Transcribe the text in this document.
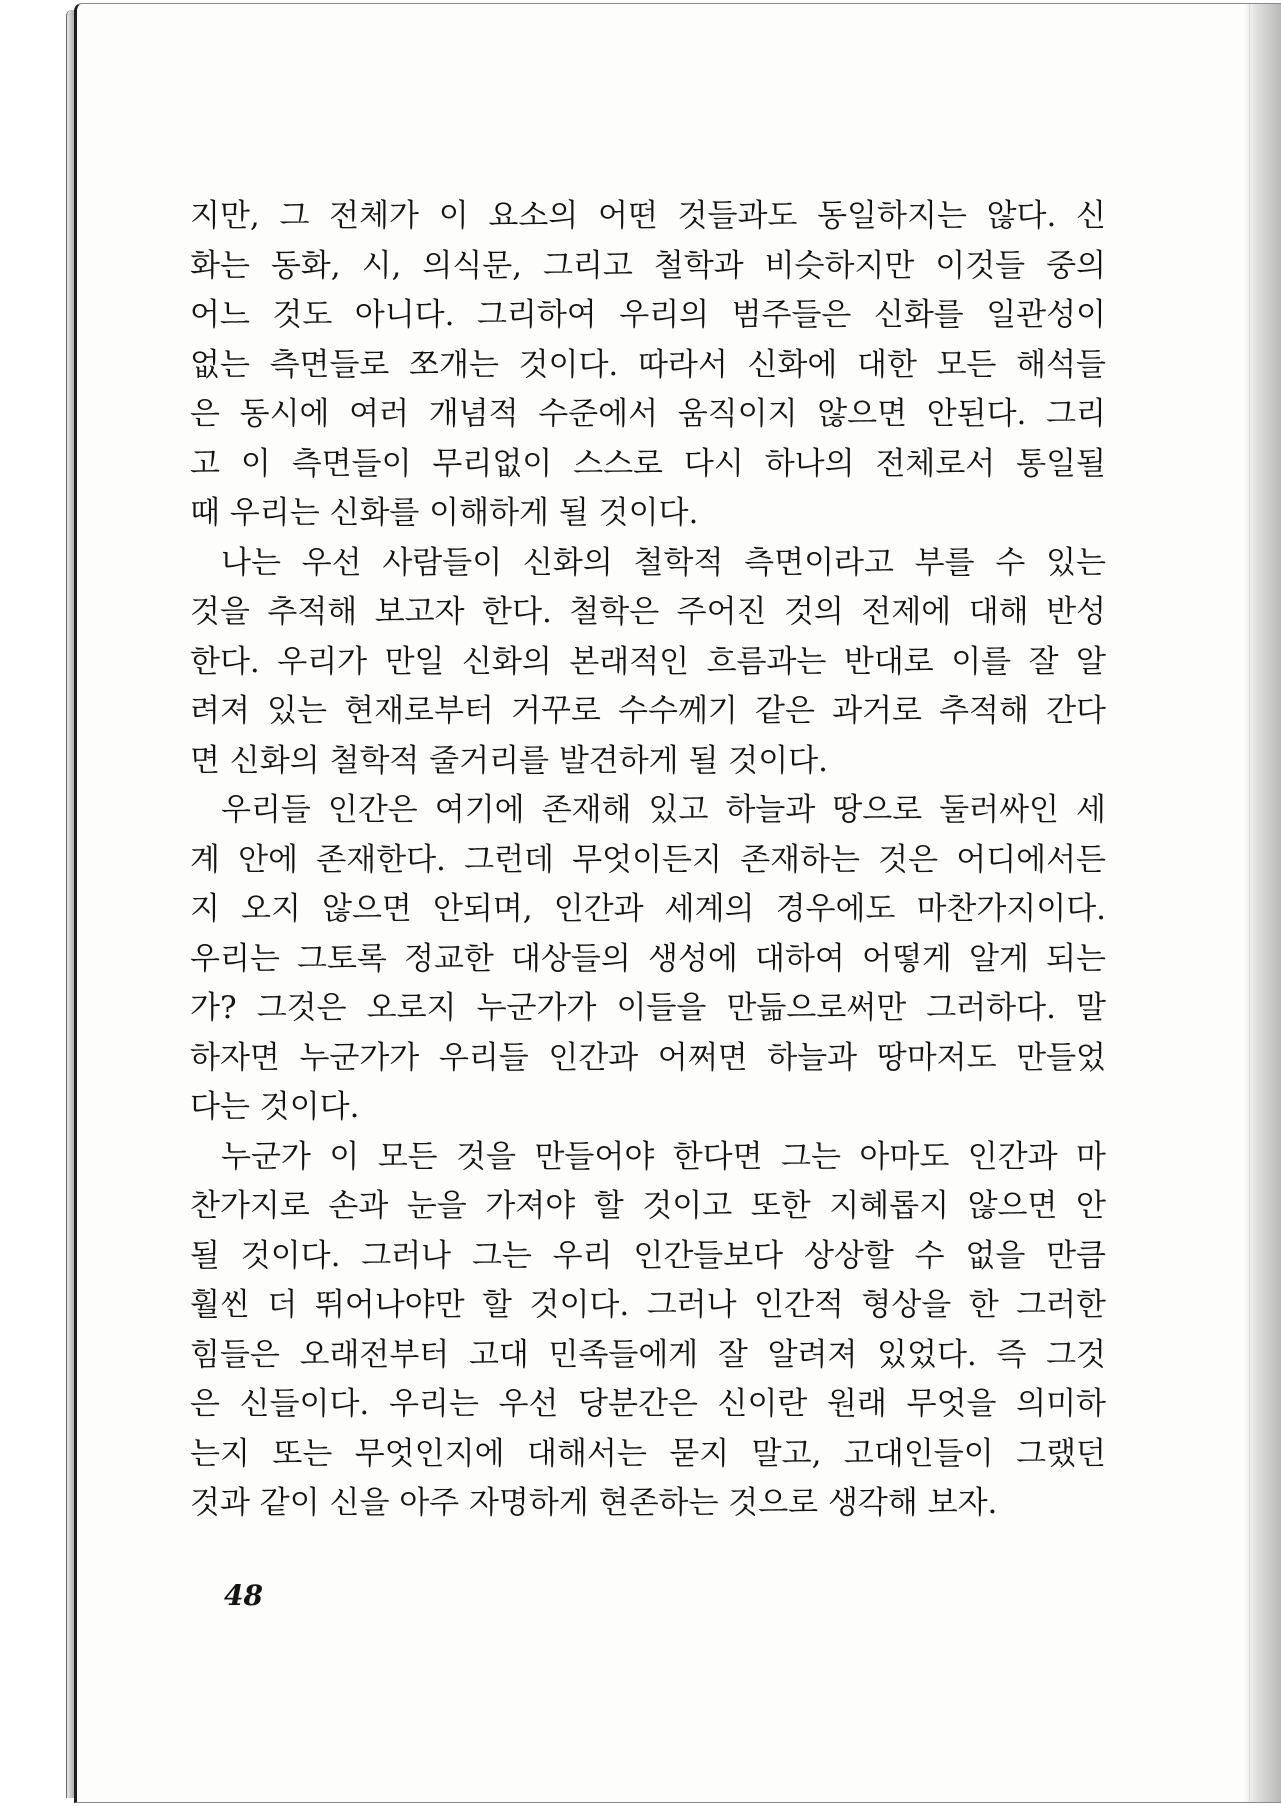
지만, 그 전체가 이 요소의 어떤 것들과도 동일하지는 않다. 신
화는 동화, 시, 의식문, 그리고 철학과 비슷하지만 이것들 중의
어느 것도 아니다. 그리하여 우리의 범주들은 신화를 일관성이
없는 측면들로 쪼개는 것이다. 따라서 신화에 대한 모든 해석들
은 동시에 여러 개념적 수준에서 움직이지 않으면 안된다. 그리
고 이 측면들이 무리없이 스스로 다시 하나의 전체로서 통일될
때 우리는 신화를 이해하게 될 것이다.
나는 우선 사람들이 신화의 철학적 측면이라고 부를 수 있는
것을 추적해 보고자 한다. 철학은 주어진 것의 전제에 대해 반성
한다. 우리가 만일 신화의 본래적인 흐름과는 반대로 이를 잘 알
려져 있는 현재로부터 거꾸로 수수께기 같은 과거로 추적해 간다
면 신화의 철학적 줄거리를 발견하게 될 것이다.
우리들 인간은 여기에 존재해 있고 하늘과 땅으로 둘러싸인 세
계 안에 존재한다. 그런데 무엇이든지 존재하는 것은 어디에서든
지 오지 않으면 안되며, 인간과 세계의 경우에도 마찬가지이다.
우리는 그토록 정교한 대상들의 생성에 대하여 어떻게 알게 되는
가? 그것은 오로지 누군가가 이들을 만듦으로써만 그러하다. 말
하자면 누군가가 우리들 인간과 어쩌면 하늘과 땅마저도 만들었
다는 것이다.
누군가 이 모든 것을 만들어야 한다면 그는 아마도 인간과 마
찬가지로 손과 눈을 가져야 할 것이고 또한 지혜롭지 않으면 안
될 것이다. 그러나 그는 우리 인간들보다 상상할 수 없을 만큼
훨씬 더 뛰어나야만 할 것이다. 그러나 인간적 형상을 한 그러한
힘들은 오래전부터 고대 민족들에게 잘 알려져 있었다. 즉 그것
은 신들이다. 우리는 우선 당분간은 신이란 원래 무엇을 의미하
는지 또는 무엇인지에 대해서는 묻지 말고, 고대인들이 그랬던
것과 같이 신을 아주 자명하게 현존하는 것으로 생각해 보자.
48
